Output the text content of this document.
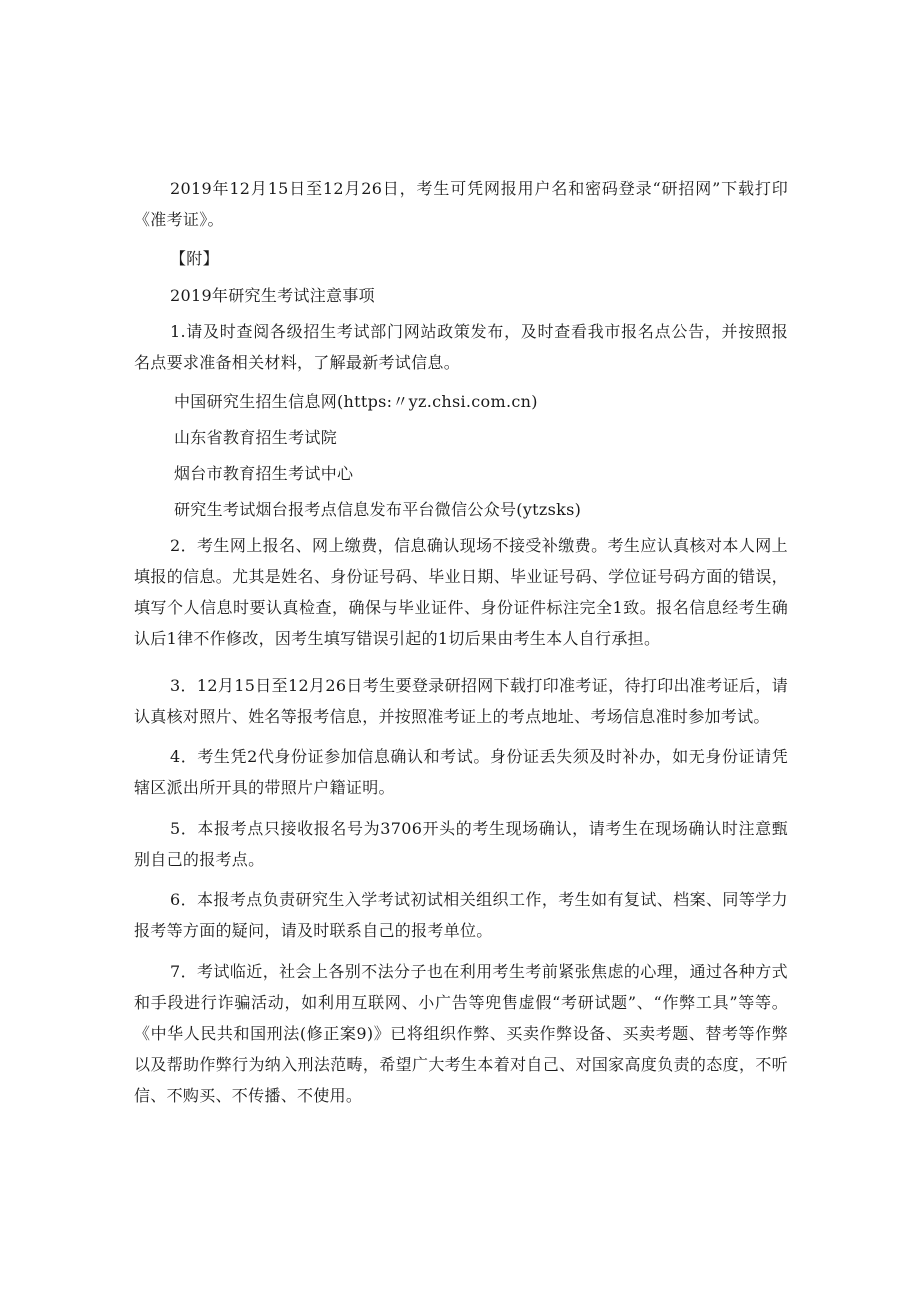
2019年12月15日至12月26日，考生可凭网报用户名和密码登录“研招网”下载打印《准考证》。

【附】

2019年研究生考试注意事项

1.请及时查阅各级招生考试部门网站政策发布，及时查看我市报名点公告，并按照报名点要求准备相关材料，了解最新考试信息。

中国研究生招生信息网(https:〃yz.chsi.com.cn)

山东省教育招生考试院

烟台市教育招生考试中心

研究生考试烟台报考点信息发布平台微信公众号(ytzsks)

2．考生网上报名、网上缴费，信息确认现场不接受补缴费。考生应认真核对本人网上填报的信息。尤其是姓名、身份证号码、毕业日期、毕业证号码、学位证号码方面的错误，填写个人信息时要认真检查，确保与毕业证件、身份证件标注完全1致。报名信息经考生确认后1律不作修改，因考生填写错误引起的1切后果由考生本人自行承担。

3．12月15日至12月26日考生要登录研招网下载打印准考证，待打印出准考证后，请认真核对照片、姓名等报考信息，并按照准考证上的考点地址、考场信息准时参加考试。

4．考生凭2代身份证参加信息确认和考试。身份证丢失须及时补办，如无身份证请凭辖区派出所开具的带照片户籍证明。

5．本报考点只接收报名号为3706开头的考生现场确认，请考生在现场确认时注意甄别自己的报考点。

6．本报考点负责研究生入学考试初试相关组织工作，考生如有复试、档案、同等学力报考等方面的疑问，请及时联系自己的报考单位。

7．考试临近，社会上各别不法分子也在利用考生考前紧张焦虑的心理，通过各种方式和手段进行诈骗活动，如利用互联网、小广告等兜售虚假“考研试题”、“作弊工具”等等。《中华人民共和国刑法(修正案9)》已将组织作弊、买卖作弊设备、买卖考题、替考等作弊以及帮助作弊行为纳入刑法范畴，希望广大考生本着对自己、对国家高度负责的态度，不听信、不购买、不传播、不使用。
